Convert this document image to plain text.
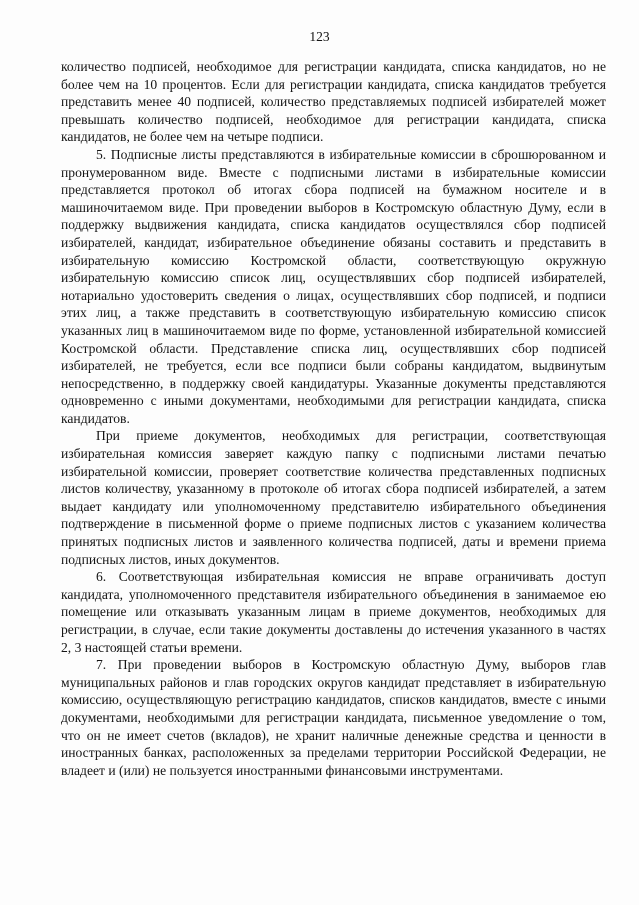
123

количество подписей, необходимое для регистрации кандидата, списка кандидатов, но не более чем на 10 процентов. Если для регистрации кандидата, списка кандидатов требуется представить менее 40 подписей, количество представляемых подписей избирателей может превышать количество подписей, необходимое для регистрации кандидата, списка кандидатов, не более чем на четыре подписи.

5. Подписные листы представляются в избирательные комиссии в сброшюрованном и пронумерованном виде. Вместе с подписными листами в избирательные комиссии представляется протокол об итогах сбора подписей на бумажном носителе и в машиночитаемом виде. При проведении выборов в Костромскую областную Думу, если в поддержку выдвижения кандидата, списка кандидатов осуществлялся сбор подписей избирателей, кандидат, избирательное объединение обязаны составить и представить в избирательную комиссию Костромской области, соответствующую окружную избирательную комиссию список лиц, осуществлявших сбор подписей избирателей, нотариально удостоверить сведения о лицах, осуществлявших сбор подписей, и подписи этих лиц, а также представить в соответствующую избирательную комиссию список указанных лиц в машиночитаемом виде по форме, установленной избирательной комиссией Костромской области. Представление списка лиц, осуществлявших сбор подписей избирателей, не требуется, если все подписи были собраны кандидатом, выдвинутым непосредственно, в поддержку своей кандидатуры. Указанные документы представляются одновременно с иными документами, необходимыми для регистрации кандидата, списка кандидатов.

При приеме документов, необходимых для регистрации, соответствующая избирательная комиссия заверяет каждую папку с подписными листами печатью избирательной комиссии, проверяет соответствие количества представленных подписных листов количеству, указанному в протоколе об итогах сбора подписей избирателей, а затем выдает кандидату или уполномоченному представителю избирательного объединения подтверждение в письменной форме о приеме подписных листов с указанием количества принятых подписных листов и заявленного количества подписей, даты и времени приема подписных листов, иных документов.

6. Соответствующая избирательная комиссия не вправе ограничивать доступ кандидата, уполномоченного представителя избирательного объединения в занимаемое ею помещение или отказывать указанным лицам в приеме документов, необходимых для регистрации, в случае, если такие документы доставлены до истечения указанного в частях 2, 3 настоящей статьи времени.

7. При проведении выборов в Костромскую областную Думу, выборов глав муниципальных районов и глав городских округов кандидат представляет в избирательную комиссию, осуществляющую регистрацию кандидатов, списков кандидатов, вместе с иными документами, необходимыми для регистрации кандидата, письменное уведомление о том, что он не имеет счетов (вкладов), не хранит наличные денежные средства и ценности в иностранных банках, расположенных за пределами территории Российской Федерации, не владеет и (или) не пользуется иностранными финансовыми инструментами.
